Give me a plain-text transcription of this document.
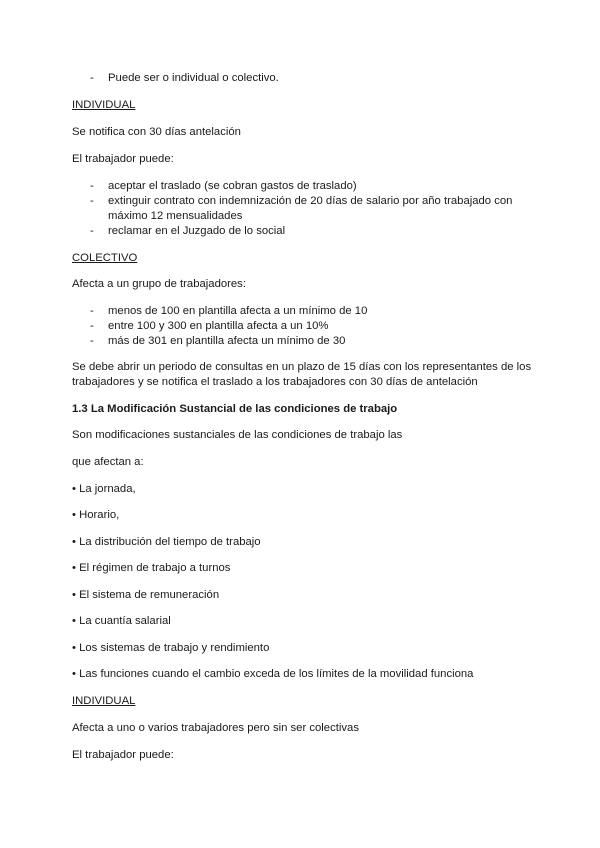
- Puede ser o individual o colectivo.
INDIVIDUAL
Se notifica con 30 días antelación
El trabajador puede:
- aceptar el traslado (se cobran gastos de traslado)
- extinguir contrato con indemnización de 20 días de salario por año trabajado con
máximo 12 mensualidades
- reclamar en el Juzgado de lo social
COLECTIVO
Afecta a un grupo de trabajadores:
- menos de 100 en plantilla afecta a un mínimo de 10
- entre 100 y 300 en plantilla afecta a un 10%
- más de 301 en plantilla afecta un mínimo de 30
Se debe abrir un periodo de consultas en un plazo de 15 días con los representantes de los
trabajadores y se notifica el traslado a los trabajadores con 30 días de antelación
1.3 La Modificación Sustancial de las condiciones de trabajo
Son modificaciones sustanciales de las condiciones de trabajo las
que afectan a:
• La jornada,
• Horario,
• La distribución del tiempo de trabajo
• El régimen de trabajo a turnos
• El sistema de remuneración
• La cuantía salarial
• Los sistemas de trabajo y rendimiento
• Las funciones cuando el cambio exceda de los límites de la movilidad funciona
INDIVIDUAL
Afecta a uno o varios trabajadores pero sin ser colectivas
El trabajador puede:
